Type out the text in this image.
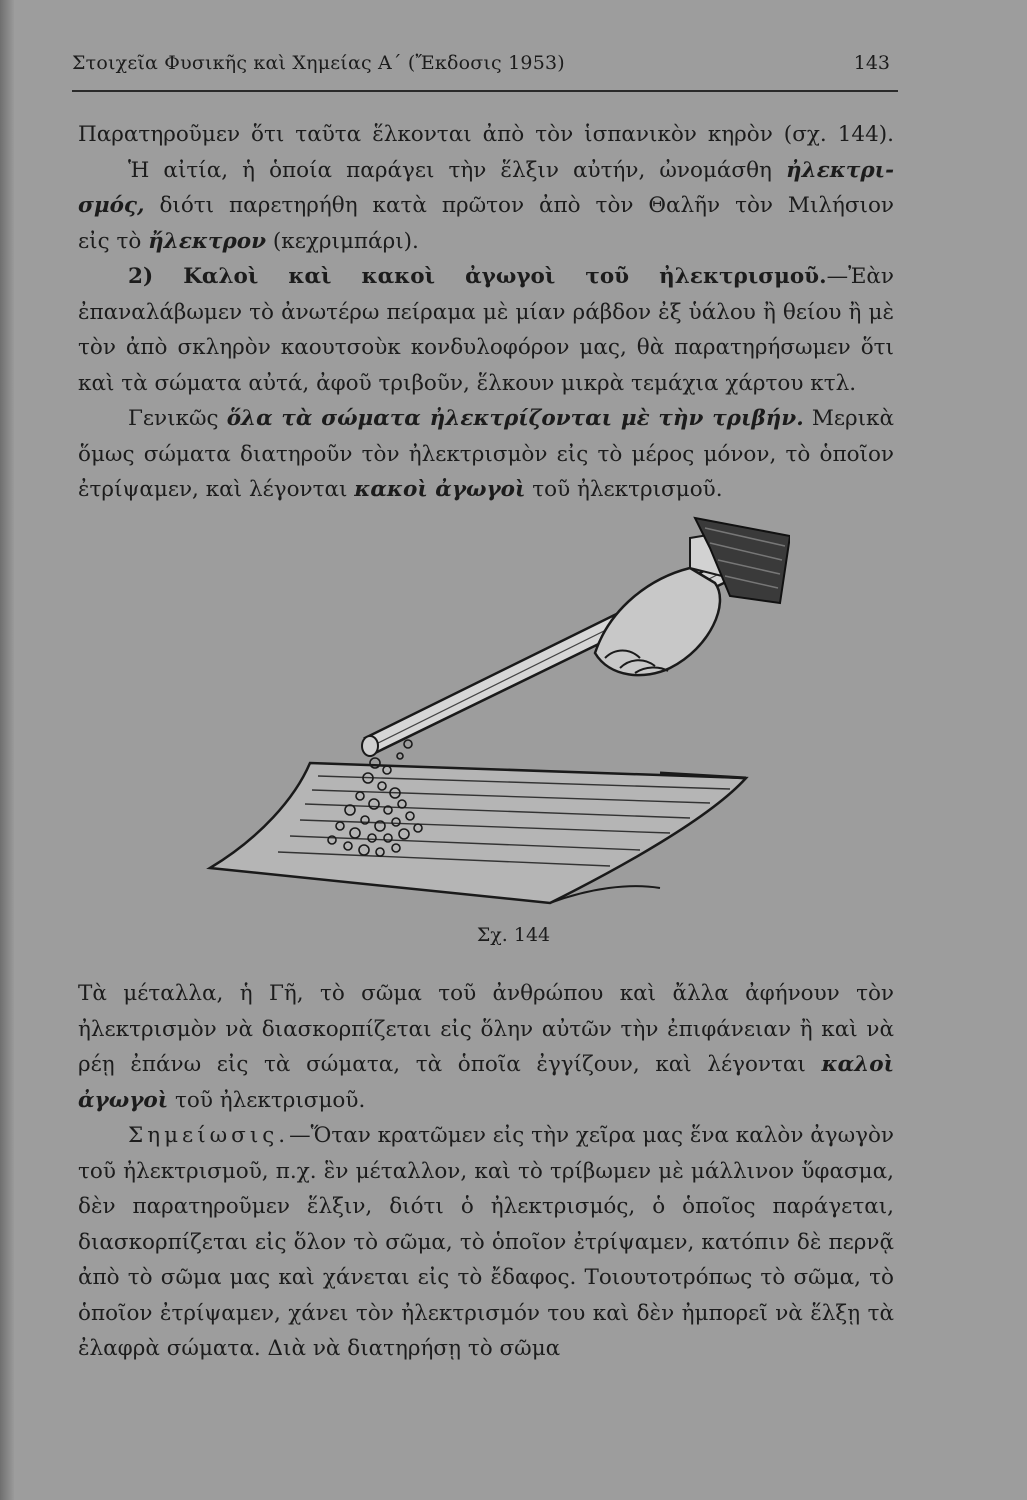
Στοιχεῖα Φυσικῆς καὶ Χημείας Α΄ (Ἔκδοσις 1953)	143

Παρατηροῦμεν ὅτι ταῦτα ἕλκονται ἀπὸ τὸν ἱσπανικὸν κηρὸν (σχ. 144).

Ἡ αἰτία, ἡ ὁποία παράγει τὴν ἕλξιν αὐτήν, ὠνομάσθη ἠλεκτρι-

σμός, διότι παρετηρήθη κατὰ πρῶτον ἀπὸ τὸν Θαλῆν τὸν Μιλήσιον

εἰς τὸ ἤλεκτρον (κεχριμπάρι).

2) Καλοὶ καὶ κακοὶ ἀγωγοὶ τοῦ ἠλεκτρισμοῦ.—Ἐὰν ἐπαναλάβωμεν τὸ ἀνωτέρω πείραμα μὲ μίαν ράβδον ἐξ ὑάλου ἢ θείου ἢ μὲ τὸν ἀπὸ σκληρὸν καουτσοὺκ κονδυλοφόρον μας, θὰ παρατηρήσωμεν ὅτι καὶ τὰ σώματα αὐτά, ἀφοῦ τριβοῦν, ἕλκουν μικρὰ τεμάχια χάρτου κτλ.

Γενικῶς ὅλα τὰ σώματα ἠλεκτρίζονται μὲ τὴν τριβήν. Μερικὰ ὅμως σώματα διατηροῦν τὸν ἠλεκτρισμὸν εἰς τὸ μέρος μόνον, τὸ ὁποῖον ἐτρίψαμεν, καὶ λέγονται κακοὶ ἀγωγοὶ τοῦ ἠλεκτρισμοῦ.

Σχ. 144

Τὰ μέταλλα, ἡ Γῆ, τὸ σῶμα τοῦ ἀνθρώπου καὶ ἄλλα ἀφήνουν τὸν ἠλεκτρισμὸν νὰ διασκορπίζεται εἰς ὅλην αὐτῶν τὴν ἐπιφάνειαν ἢ καὶ νὰ ρέῃ ἐπάνω εἰς τὰ σώματα, τὰ ὁποῖα ἐγγίζουν, καὶ λέγονται καλοὶ ἀγωγοὶ τοῦ ἠλεκτρισμοῦ.

Σημείωσις.—Ὅταν κρατῶμεν εἰς τὴν χεῖρα μας ἕνα καλὸν ἀγωγὸν τοῦ ἠλεκτρισμοῦ, π.χ. ἓν μέταλλον, καὶ τὸ τρίβωμεν μὲ μάλλινον ὕφασμα, δὲν παρατηροῦμεν ἕλξιν, διότι ὁ ἠλεκτρισμός, ὁ ὁποῖος παράγεται, διασκορπίζεται εἰς ὅλον τὸ σῶμα, τὸ ὁποῖον ἐτρίψαμεν, κατόπιν δὲ περνᾷ ἀπὸ τὸ σῶμα μας καὶ χάνεται εἰς τὸ ἔδαφος. Τοιουτοτρόπως τὸ σῶμα, τὸ ὁποῖον ἐτρίψαμεν, χάνει τὸν ἠλεκτρισμόν του καὶ δὲν ἠμπορεῖ νὰ ἕλξῃ τὰ ἐλαφρὰ σώματα. Διὰ νὰ διατηρήσῃ τὸ σῶμα
